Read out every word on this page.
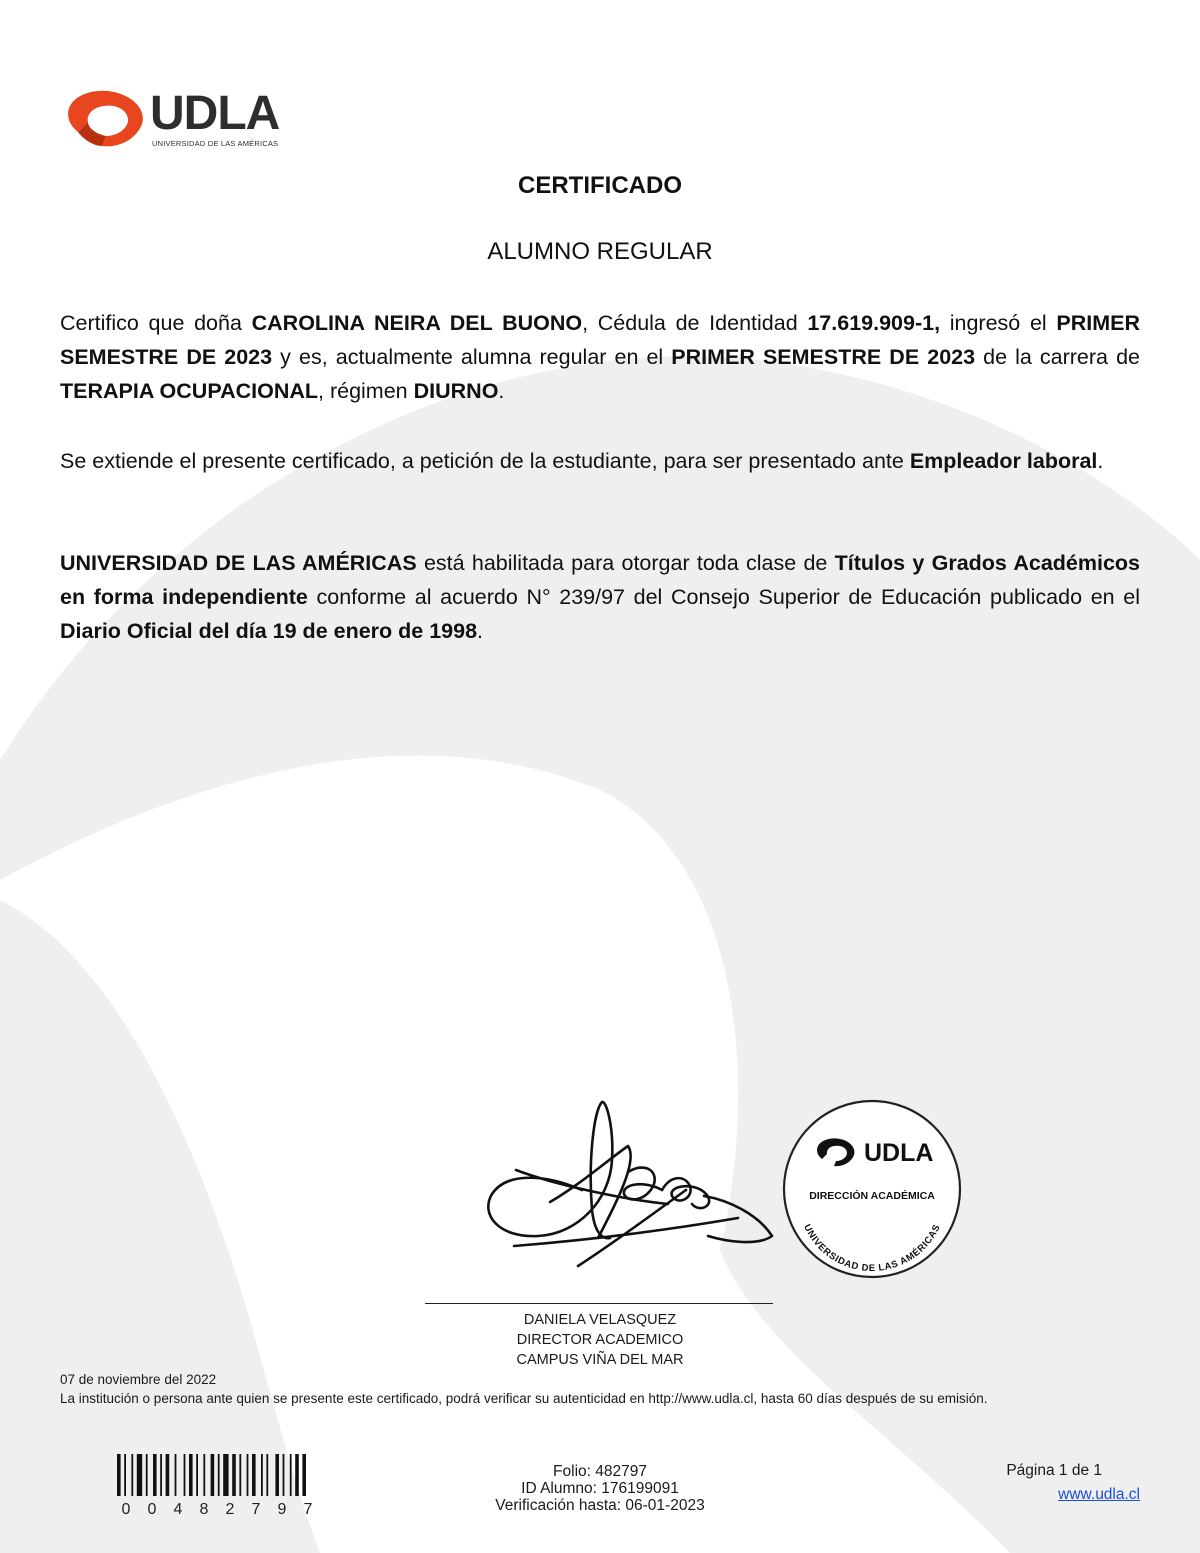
UDLA
UNIVERSIDAD DE LAS AMÉRICAS
CERTIFICADO
ALUMNO REGULAR
Certifico que doña CAROLINA NEIRA DEL BUONO, Cédula de Identidad 17.619.909-1, ingresó el PRIMER SEMESTRE DE 2023 y es, actualmente alumna regular en el PRIMER SEMESTRE DE 2023 de la carrera de TERAPIA OCUPACIONAL, régimen DIURNO.
Se extiende el presente certificado, a petición de la estudiante, para ser presentado ante Empleador laboral.
UNIVERSIDAD DE LAS AMÉRICAS está habilitada para otorgar toda clase de Títulos y Grados Académicos en forma independiente conforme al acuerdo N° 239/97 del Consejo Superior de Educación publicado en el Diario Oficial del día 19 de enero de 1998.
UDLA
DIRECCIÓN ACADÉMICA
UNIVERSIDAD DE LAS AMÉRICAS
DANIELA VELASQUEZ
DIRECTOR ACADEMICO
CAMPUS VIÑA DEL MAR
07 de noviembre del 2022
La institución o persona ante quien se presente este certificado, podrá verificar su autenticidad en http://www.udla.cl, hasta 60 días después de su emisión.
0 0 4 8 2 7 9 7
Folio: 482797
ID Alumno: 176199091
Verificación hasta: 06-01-2023
Página 1 de 1
www.udla.cl
